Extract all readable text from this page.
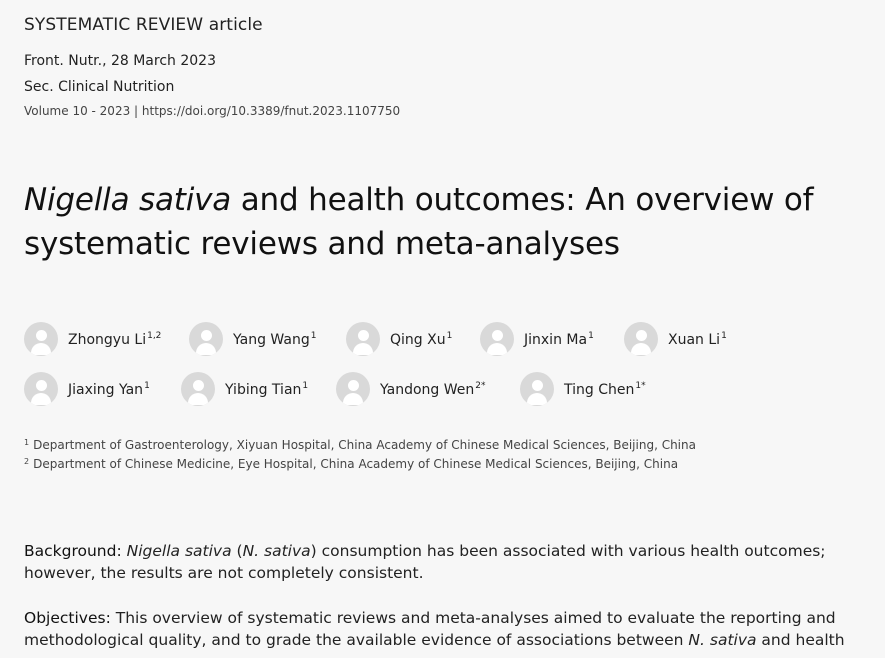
SYSTEMATIC REVIEW article
Front. Nutr., 28 March 2023
Sec. Clinical Nutrition
Volume 10 - 2023 | https://doi.org/10.3389/fnut.2023.1107750
Nigella sativa and health outcomes: An overview of
systematic reviews and meta-analyses
Zhongyu Li$^{1,2}$	Yang Wang$^1$	Qing Xu$^1$	Jinxin Ma$^1$	Xuan Li$^1$
Jiaxing Yan$^1$	Yibing Tian$^1$	Yandong Wen$^{2*}$	Ting Chen$^{1*}$
$^1$ Department of Gastroenterology, Xiyuan Hospital, China Academy of Chinese Medical Sciences, Beijing, China
$^2$ Department of Chinese Medicine, Eye Hospital, China Academy of Chinese Medical Sciences, Beijing, China

Background: Nigella sativa (N. sativa) consumption has been associated with various health outcomes;
however, the results are not completely consistent.

Objectives: This overview of systematic reviews and meta-analyses aimed to evaluate the reporting and
methodological quality, and to grade the available evidence of associations between N. sativa and health
